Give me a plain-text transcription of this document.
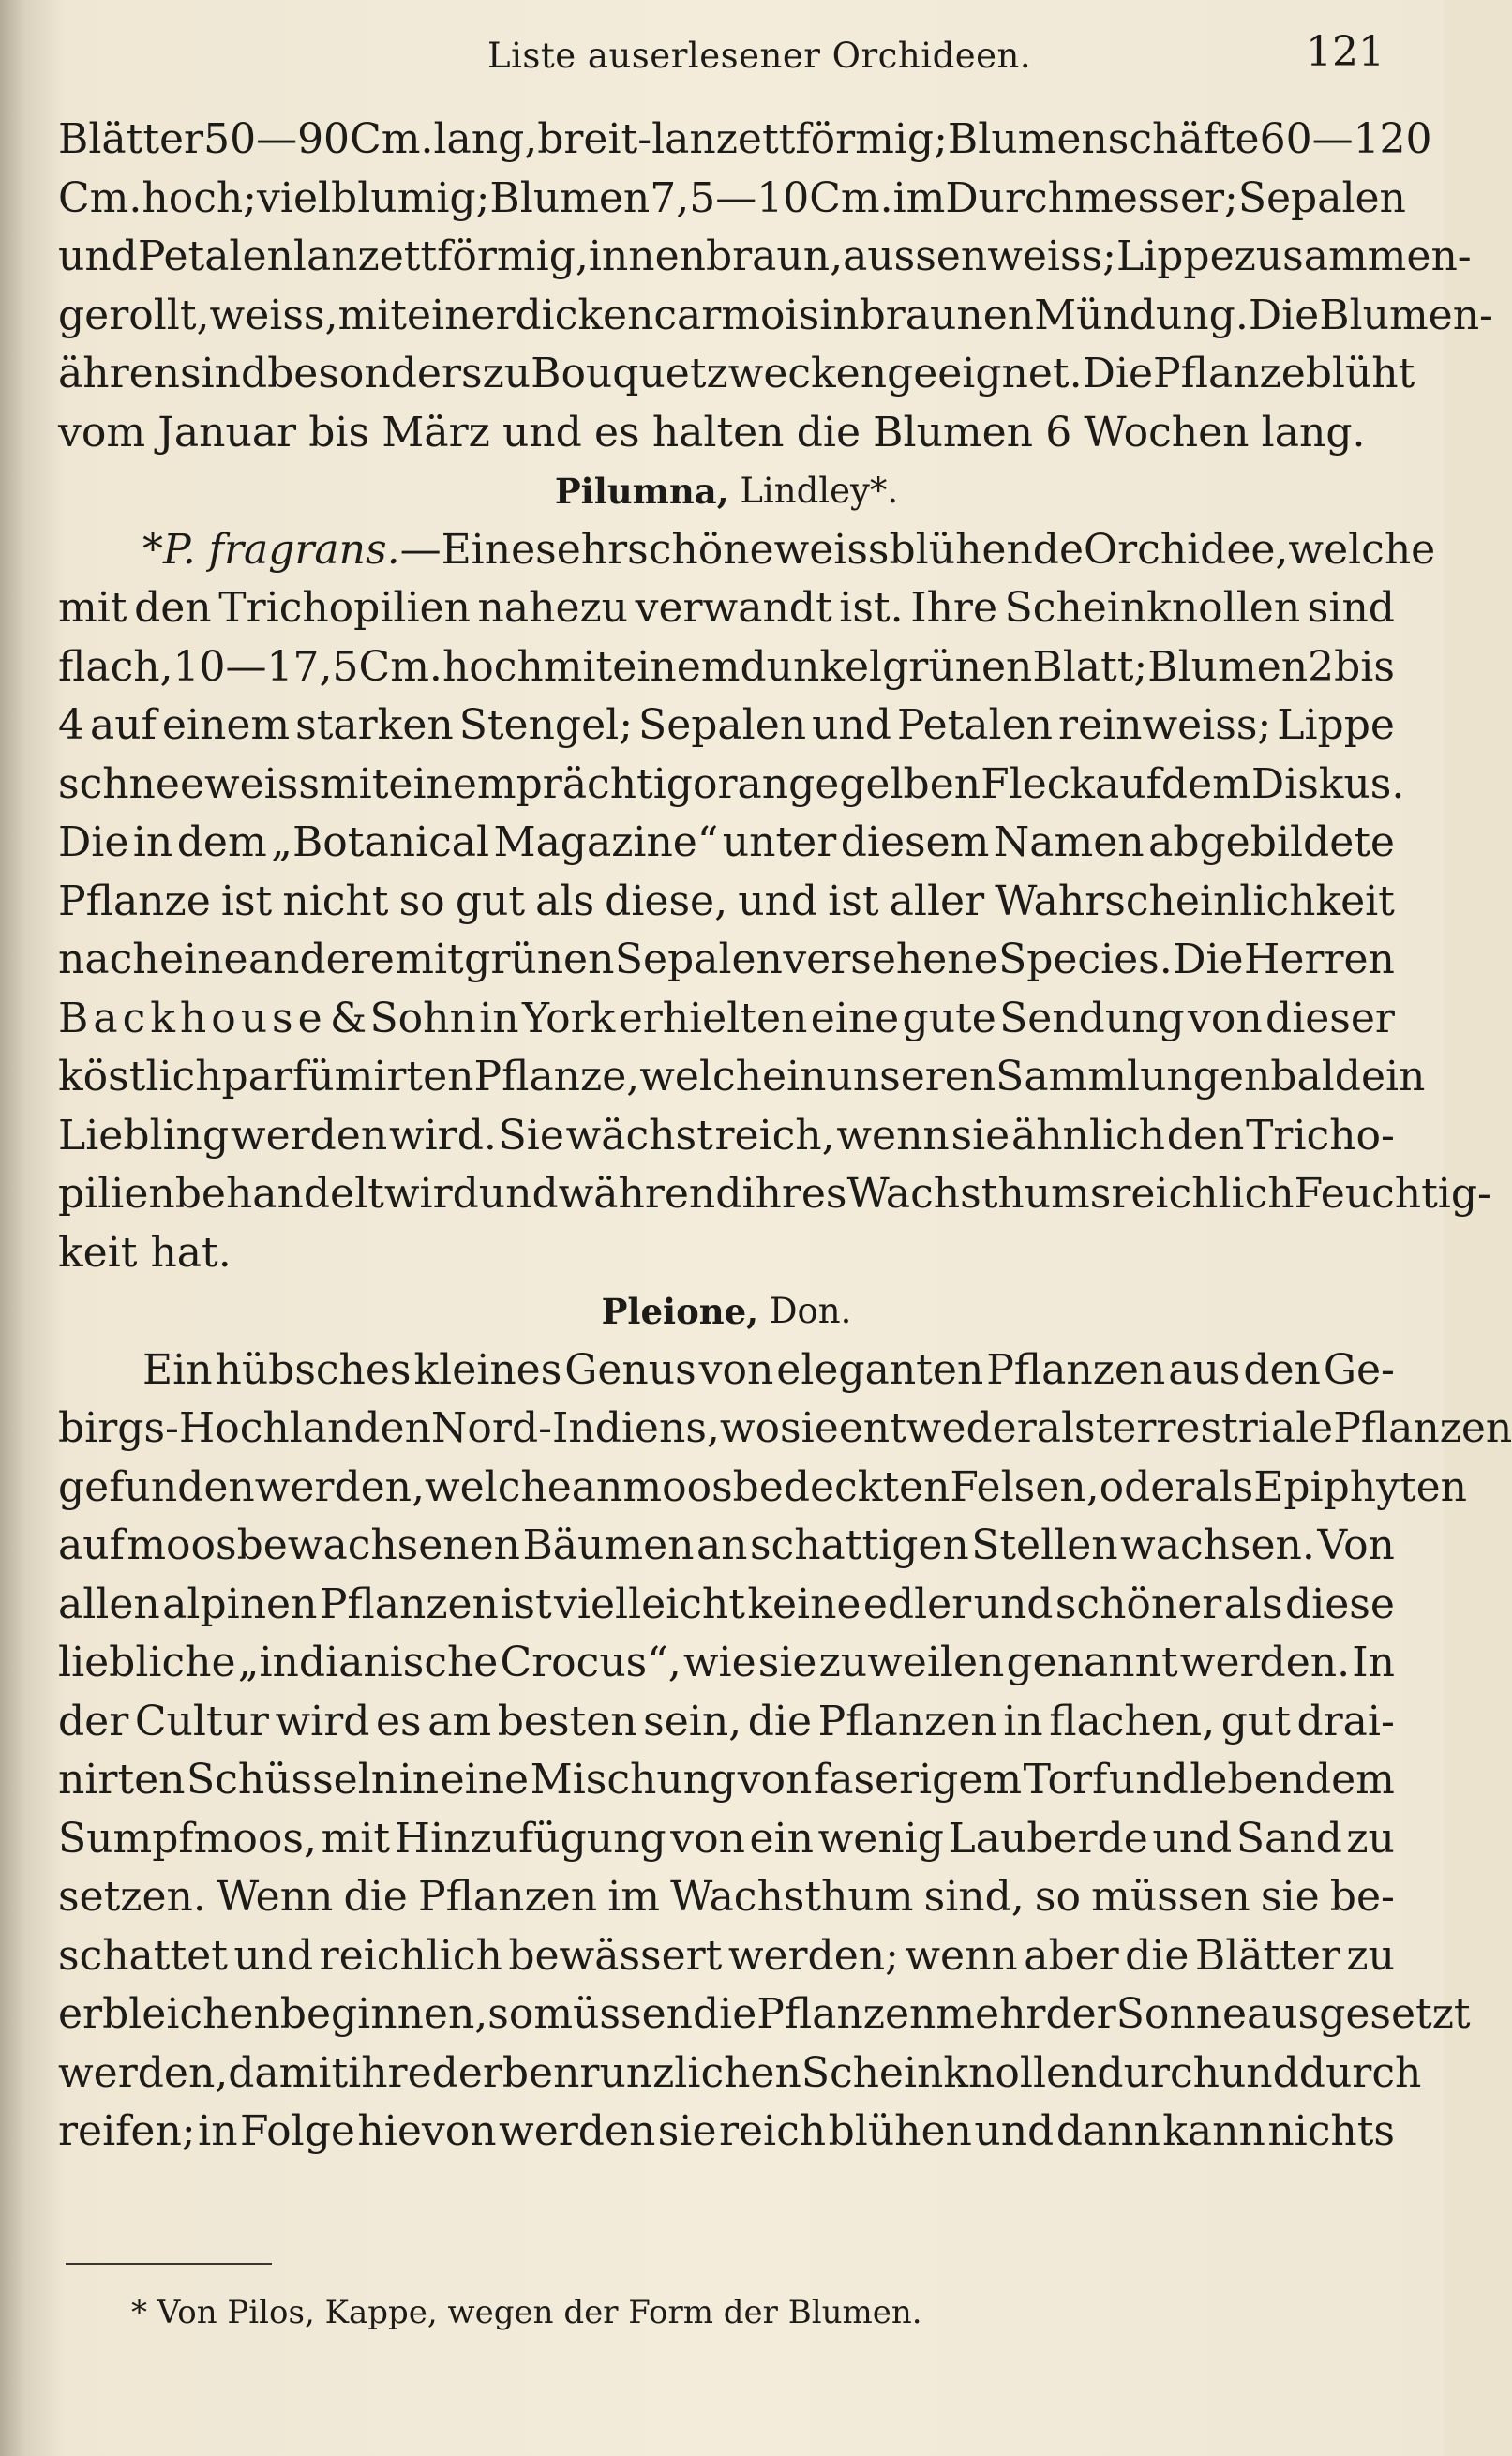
Liste auserlesener Orchideen.	121
Blätter 50—90 Cm. lang, breit-lanzettförmig; Blumenschäfte 60—120
Cm. hoch; vielblumig; Blumen 7,5—10 Cm. im Durchmesser; Sepalen
und Petalen lanzettförmig, innen braun, aussen weiss; Lippe zusammen-
gerollt, weiss, mit einer dicken carmoisinbraunen Mündung. Die Blumen-
ähren sind besonders zu Bouquetzwecken geeignet. Die Pflanze blüht
vom Januar bis März und es halten die Blumen 6 Wochen lang.
Pilumna,
Lindley*.
*P. fragrans. — Eine sehr schöne weissblühende Orchidee, welche
mit den Trichopilien nahezu verwandt ist. Ihre Scheinknollen sind
flach, 10—17,5 Cm. hoch mit einem dunkelgrünen Blatt; Blumen 2 bis
4 auf einem starken Stengel; Sepalen und Petalen reinweiss; Lippe
schneeweiss mit einem prächtig orangegelben Fleck auf dem Diskus.
Die in dem „Botanical Magazine“ unter diesem Namen abgebildete
Pflanze ist nicht so gut als diese, und ist aller Wahrscheinlichkeit
nach eine andere mit grünen Sepalen versehene Species. Die Herren
Backhouse & Sohn in York erhielten eine gute Sendung von dieser
köstlich parfümirten Pflanze, welche in unseren Sammlungen bald ein
Liebling werden wird. Sie wächst reich, wenn sie ähnlich den Tricho-
pilien behandelt wird und während ihres Wachsthums reichlich Feuchtig-
keit hat.
Pleione,
Don.
Ein hübsches kleines Genus von eleganten Pflanzen aus den Ge-
birgs-Hochlanden Nord-Indiens, wo sie entweder als terrestriale Pflanzen
gefunden werden, welche an moosbedeckten Felsen, oder als Epiphyten
auf moosbewachsenen Bäumen an schattigen Stellen wachsen. Von
allen alpinen Pflanzen ist vielleicht keine edler und schöner als diese
liebliche „indianische Crocus“, wie sie zuweilen genannt werden. In
der Cultur wird es am besten sein, die Pflanzen in flachen, gut drai-
nirten Schüsseln in eine Mischung von faserigem Torf und lebendem
Sumpfmoos, mit Hinzufügung von ein wenig Lauberde und Sand zu
setzen. Wenn die Pflanzen im Wachsthum sind, so müssen sie be-
schattet und reichlich bewässert werden; wenn aber die Blätter zu
erbleichen beginnen, so müssen die Pflanzen mehr der Sonne ausgesetzt
werden, damit ihre derben runzlichen Scheinknollen durch und durch
reifen; in Folge hievon werden sie reich blühen und dann kann nichts
* Von Pilos, Kappe, wegen der Form der Blumen.
